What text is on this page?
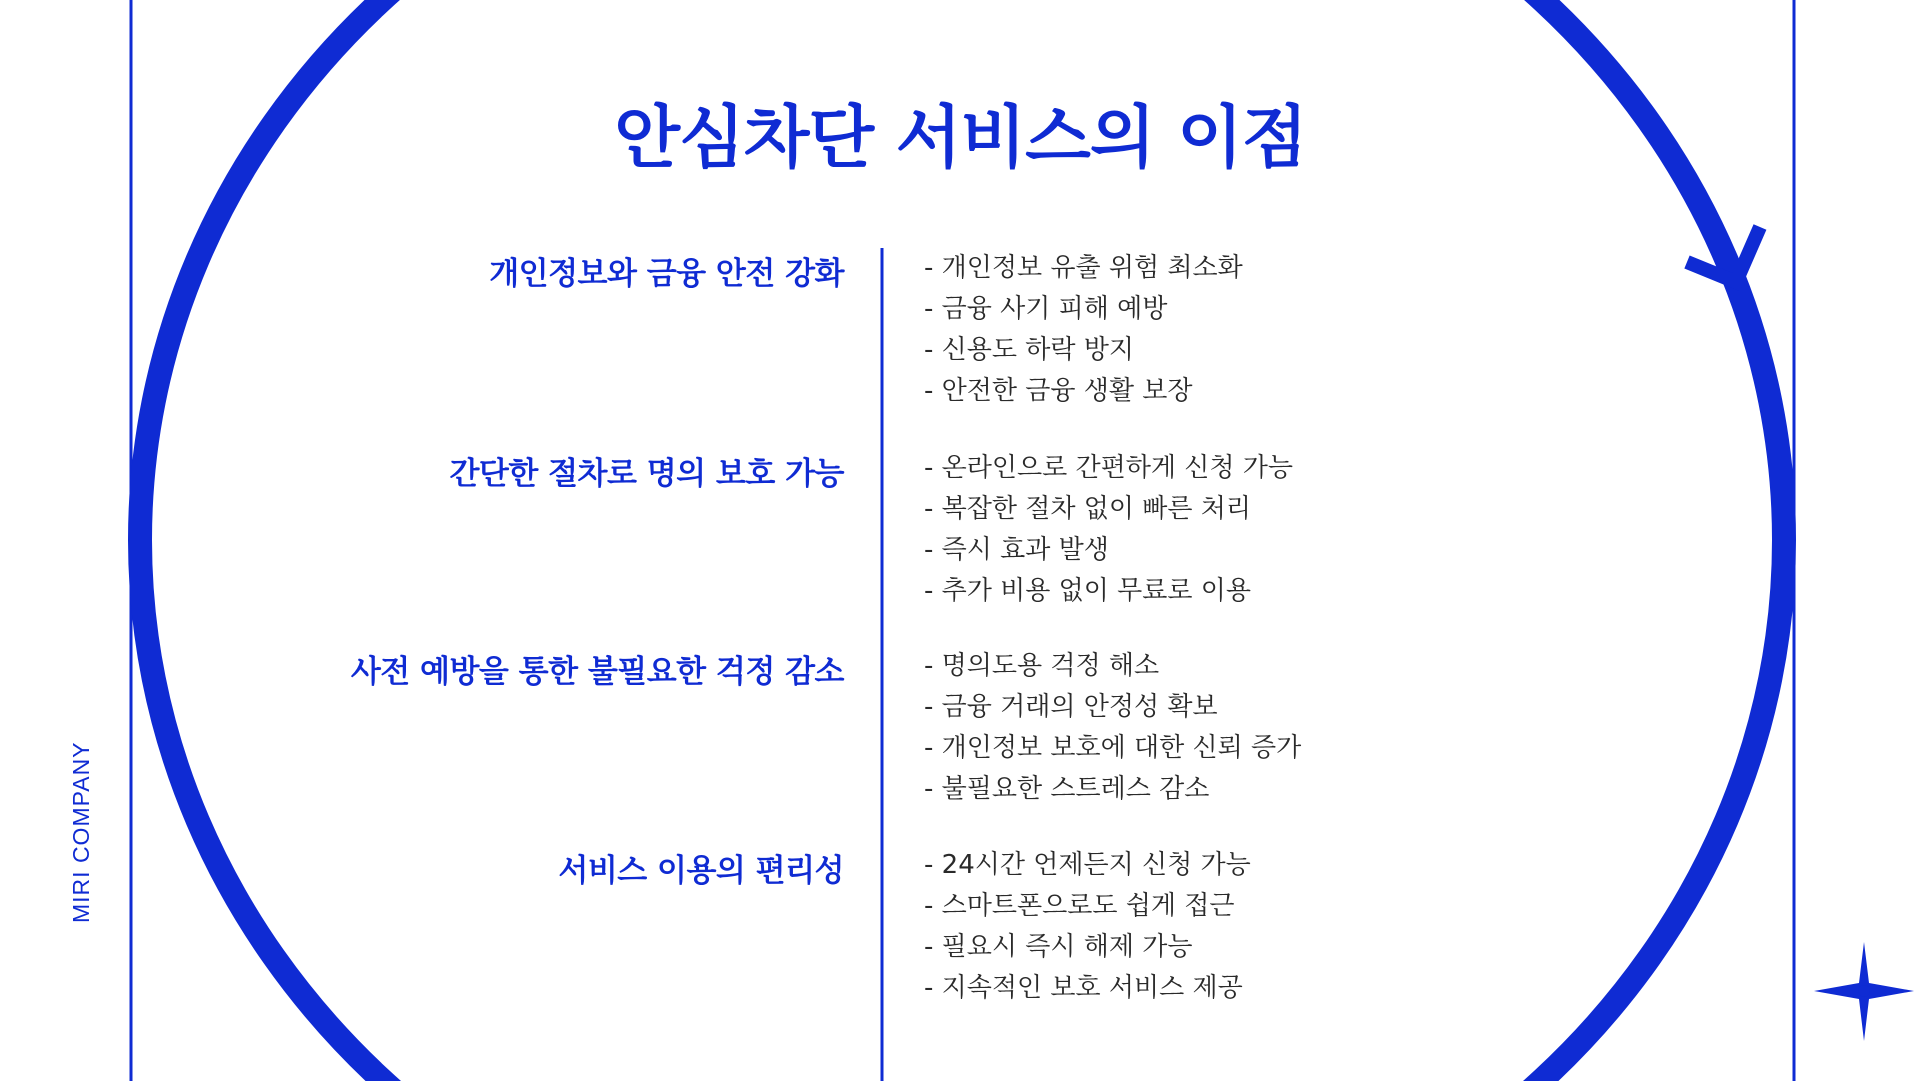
MIRI COMPANY
안심차단 서비스의 이점
개인정보와 금융 안전 강화	- 개인정보 유출 위험 최소화
- 금융 사기 피해 예방
- 신용도 하락 방지
- 안전한 금융 생활 보장
간단한 절차로 명의 보호 가능	- 온라인으로 간편하게 신청 가능
- 복잡한 절차 없이 빠른 처리
- 즉시 효과 발생
- 추가 비용 없이 무료로 이용
사전 예방을 통한 불필요한 걱정 감소	- 명의도용 걱정 해소
- 금융 거래의 안정성 확보
- 개인정보 보호에 대한 신뢰 증가
- 불필요한 스트레스 감소
서비스 이용의 편리성	- 24시간 언제든지 신청 가능
- 스마트폰으로도 쉽게 접근
- 필요시 즉시 해제 가능
- 지속적인 보호 서비스 제공
